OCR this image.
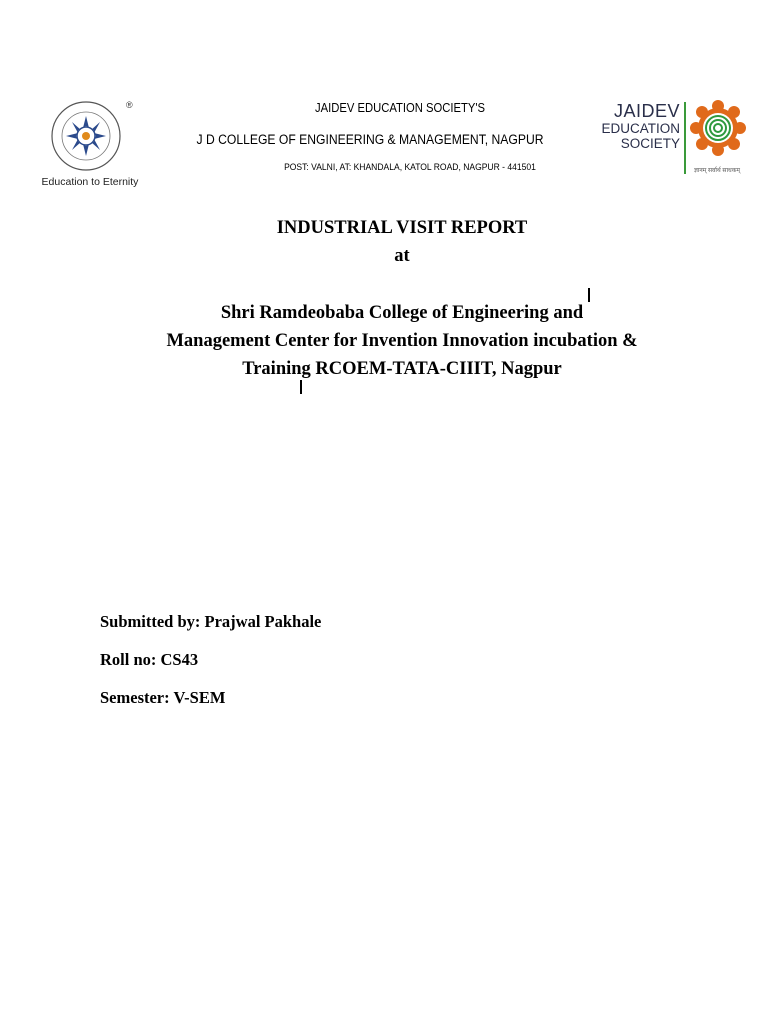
®
Education to Eternity
JAIDEV EDUCATION SOCIETY'S
J D COLLEGE OF ENGINEERING & MANAGEMENT, NAGPUR
POST: VALNI, AT: KHANDALA, KATOL ROAD, NAGPUR - 441501
JAIDEV
EDUCATION
SOCIETY
ज्ञानम् सर्वार्थ साधकम्
INDUSTRIAL VISIT REPORT
at
Shri Ramdeobaba College of Engineering and
Management Center for Invention Innovation incubation &
Training RCOEM-TATA-CIIIT, Nagpur
Submitted by: Prajwal Pakhale
Roll no: CS43
Semester: V-SEM
